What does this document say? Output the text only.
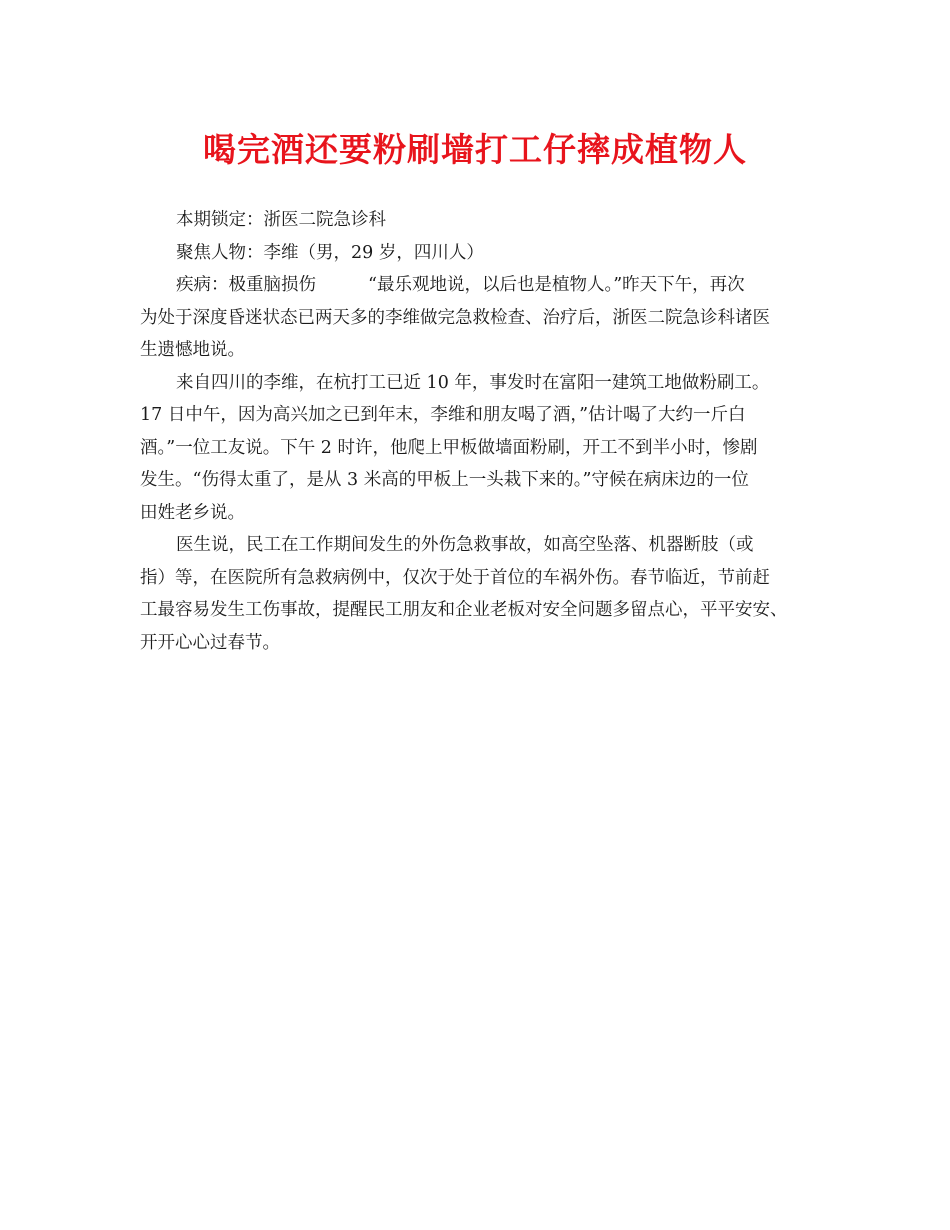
喝完酒还要粉刷墙打工仔摔成植物人
本期锁定：浙医二院急诊科
聚焦人物：李维（男，29 岁，四川人）
疾病：极重脑损伤	“最乐观地说，以后也是植物人。”昨天下午，再次
为处于深度昏迷状态已两天多的李维做完急救检查、治疗后，浙医二院急诊科诸医
生遗憾地说。
来自四川的李维，在杭打工已近 10 年，事发时在富阳一建筑工地做粉刷工。
17 日中午，因为高兴加之已到年末，李维和朋友喝了酒，”估计喝了大约一斤白
酒。”一位工友说。下午 2 时许，他爬上甲板做墙面粉刷，开工不到半小时，惨剧
发生。“伤得太重了，是从 3 米高的甲板上一头栽下来的。”守候在病床边的一位
田姓老乡说。
医生说，民工在工作期间发生的外伤急救事故，如高空坠落、机器断肢（或
指）等，在医院所有急救病例中，仅次于处于首位的车祸外伤。春节临近，节前赶
工最容易发生工伤事故，提醒民工朋友和企业老板对安全问题多留点心，平平安安、
开开心心过春节。
